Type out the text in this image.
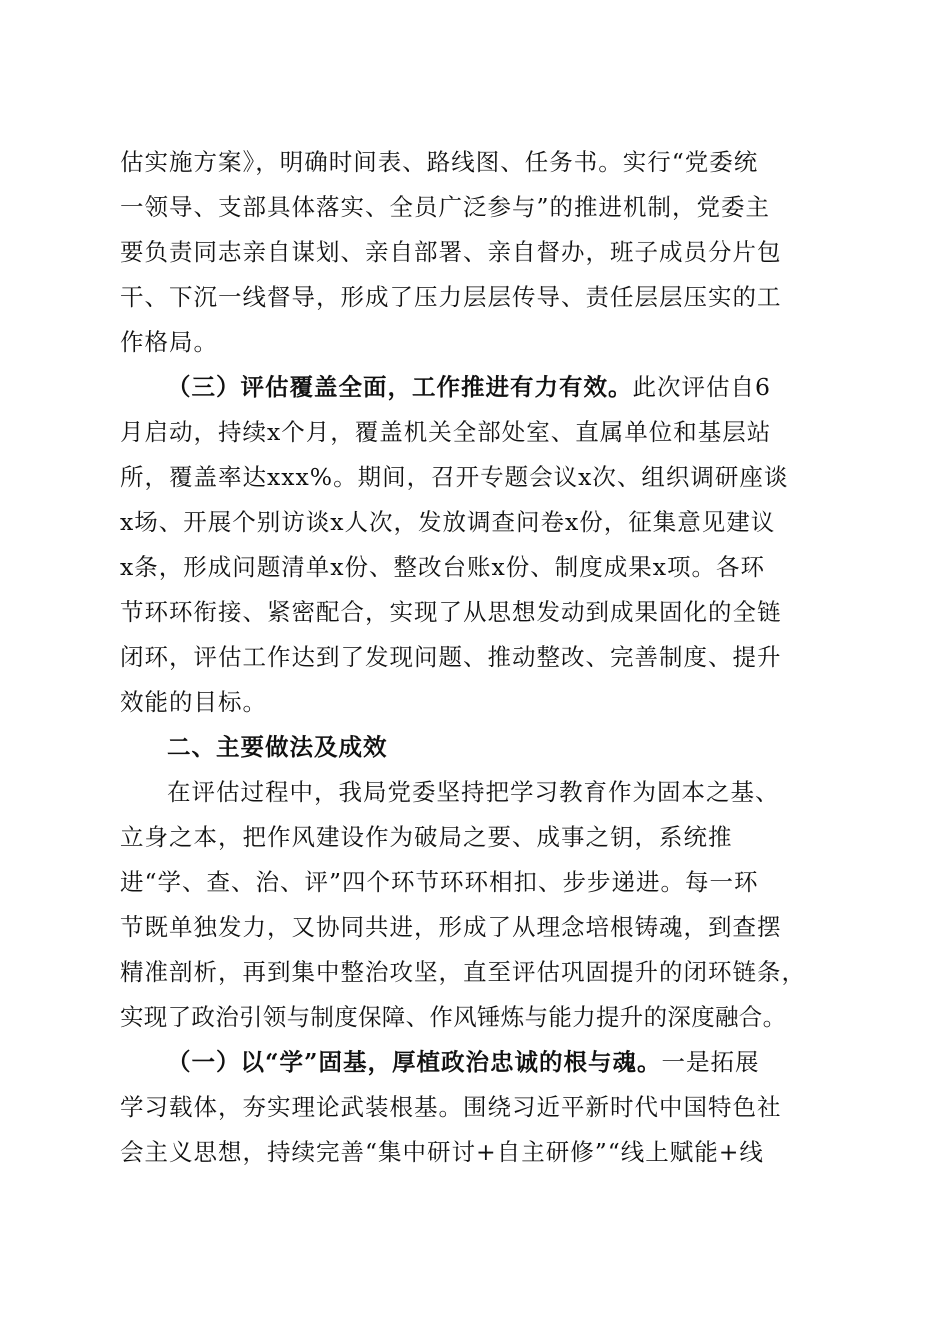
估实施方案》，明确时间表、路线图、任务书。实行“党委统
一领导、支部具体落实、全员广泛参与”的推进机制，党委主
要负责同志亲自谋划、亲自部署、亲自督办，班子成员分片包
干、下沉一线督导，形成了压力层层传导、责任层层压实的工
作格局。
（三）评估覆盖全面，工作推进有力有效。此次评估自6
月启动，持续x个月，覆盖机关全部处室、直属单位和基层站
所，覆盖率达xxx%。期间，召开专题会议x次、组织调研座谈
x场、开展个别访谈x人次，发放调查问卷x份，征集意见建议
x条，形成问题清单x份、整改台账x份、制度成果x项。各环
节环环衔接、紧密配合，实现了从思想发动到成果固化的全链
闭环，评估工作达到了发现问题、推动整改、完善制度、提升
效能的目标。
二、主要做法及成效
在评估过程中，我局党委坚持把学习教育作为固本之基、
立身之本，把作风建设作为破局之要、成事之钥，系统推
进“学、查、治、评”四个环节环环相扣、步步递进。每一环
节既单独发力，又协同共进，形成了从理念培根铸魂，到查摆
精准剖析，再到集中整治攻坚，直至评估巩固提升的闭环链条，
实现了政治引领与制度保障、作风锤炼与能力提升的深度融合。
（一）以“学”固基，厚植政治忠诚的根与魂。一是拓展
学习载体，夯实理论武装根基。围绕习近平新时代中国特色社
会主义思想，持续完善“集中研讨+自主研修”“线上赋能+线
